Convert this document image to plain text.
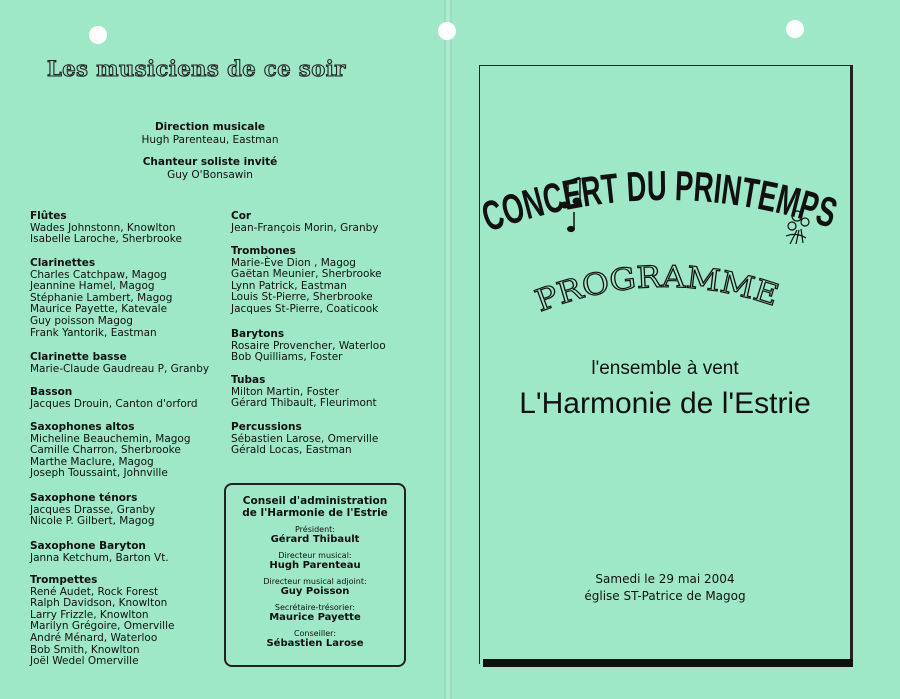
Les musiciens de ce soir
Direction musicale
Hugh Parenteau, Eastman
Chanteur soliste invité
Guy O'Bonsawin
Flûtes
Wades Johnstonn, Knowlton
Isabelle Laroche, Sherbrooke
Clarinettes
Charles Catchpaw, Magog
Jeannine Hamel, Magog
Stéphanie Lambert, Magog
Maurice Payette, Katevale
Guy poisson Magog
Frank Yantorik, Eastman
Clarinette basse
Marie-Claude Gaudreau P, Granby
Basson
Jacques Drouin, Canton d'orford
Saxophones altos
Micheline Beauchemin, Magog
Camille Charron, Sherbrooke
Marthe Maclure, Magog
Joseph Toussaint, Johnville
Saxophone ténors
Jacques Drasse, Granby
Nicole P. Gilbert, Magog
Saxophone Baryton
Janna Ketchum, Barton Vt.
Trompettes
René Audet, Rock Forest
Ralph Davidson, Knowlton
Larry Frizzle, Knowlton
Marilyn Grégoire, Omerville
André Ménard, Waterloo
Bob Smith, Knowlton
Joël Wedel Omerville
Cor
Jean-François Morin, Granby
Trombones
Marie-Ève Dion , Magog
Gaëtan Meunier, Sherbrooke
Lynn Patrick, Eastman
Louis St-Pierre, Sherbrooke
Jacques St-Pierre, Coaticook
Barytons
Rosaire Provencher, Waterloo
Bob Quilliams, Foster
Tubas
Milton Martin, Foster
Gérard Thibault, Fleurimont
Percussions
Sébastien Larose, Omerville
Gérald Locas, Eastman
Conseil d'administration
de l'Harmonie de l'Estrie
Président:
Gérard Thibault
Directeur musical:
Hugh Parenteau
Directeur musical adjoint:
Guy Poisson
Secrétaire-trésorier:
Maurice Payette
Conseiller:
Sébastien Larose
CONCERT DU PRINTEMPS
PROGRAMME
l'ensemble à vent
L'Harmonie de l'Estrie
Samedi le 29 mai 2004
église ST-Patrice de Magog
